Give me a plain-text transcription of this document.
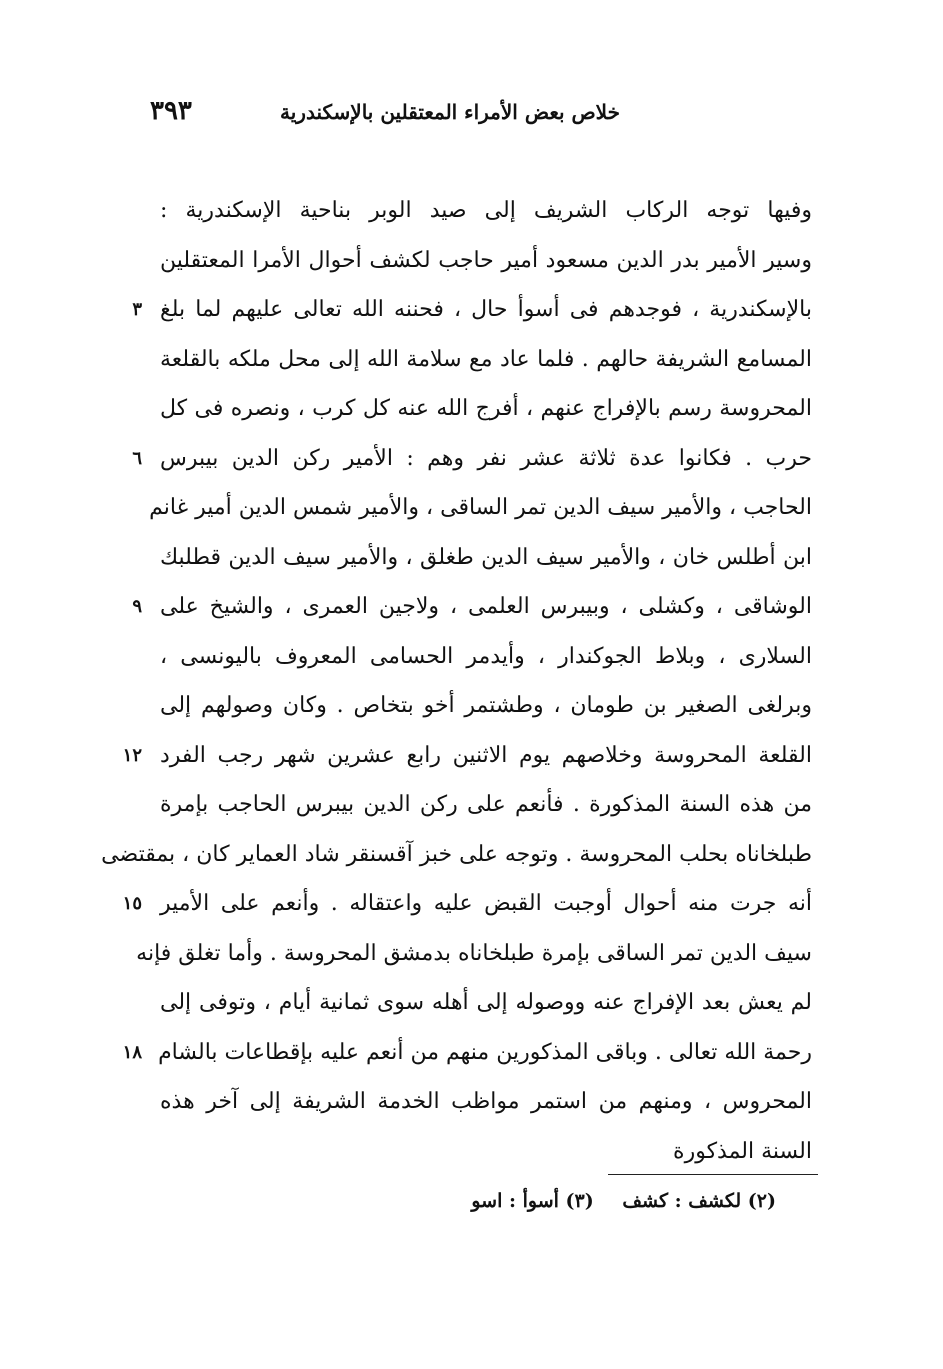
٣٩٣	خلاص بعض الأمراء المعتقلين بالإسكندرية
وفيها توجه الركاب الشريف إلى صيد الوبر بناحية الإسكندرية :
وسير الأمير بدر الدين مسعود أمير حاجب لكشف أحوال الأمرا المعتقلين
بالإسكندرية ، فوجدهم فى أسوأ حال ، فحننه الله تعالى عليهم لما بلغ
٣
المسامع الشريفة حالهم . فلما عاد مع سلامة الله إلى محل ملكه بالقلعة
المحروسة رسم بالإفراج عنهم ، أفرج الله عنه كل كرب ، ونصره فى كل
حرب . فكانوا عدة ثلاثة عشر نفر وهم : الأمير ركن الدين بيبرس
٦
الحاجب ، والأمير سيف الدين تمر الساقى ، والأمير شمس الدين أمير غانم
ابن أطلس خان ، والأمير سيف الدين طغلق ، والأمير سيف الدين قطلبك
الوشاقى ، وكشلى ، وبيبرس العلمى ، ولاجين العمرى ، والشيخ على
٩
السلارى ، وبلاط الجوكندار ، وأيدمر الحسامى المعروف باليونسى ،
وبرلغى الصغير بن طومان ، وطشتمر أخو بتخاص . وكان وصولهم إلى
القلعة المحروسة وخلاصهم يوم الاثنين رابع عشرين شهر رجب الفرد
١٢
من هذه السنة المذكورة . فأنعم على ركن الدين بيبرس الحاجب بإمرة
طبلخاناه بحلب المحروسة . وتوجه على خبز آقسنقر شاد العماير كان ، بمقتضى
أنه جرت منه أحوال أوجبت القبض عليه واعتقاله . وأنعم على الأمير
١٥
سيف الدين تمر الساقى بإمرة طبلخاناه بدمشق المحروسة . وأما تغلق فإنه
لم يعش بعد الإفراج عنه ووصوله إلى أهله سوى ثمانية أيام ، وتوفى إلى
رحمة الله تعالى . وباقى المذكورين منهم من أنعم عليه بإقطاعات بالشام
١٨
المحروس ، ومنهم من استمر مواظب الخدمة الشريفة إلى آخر هذه
السنة المذكورة
(٢) لكشف : كشف (٣) أسوأ : اسو
